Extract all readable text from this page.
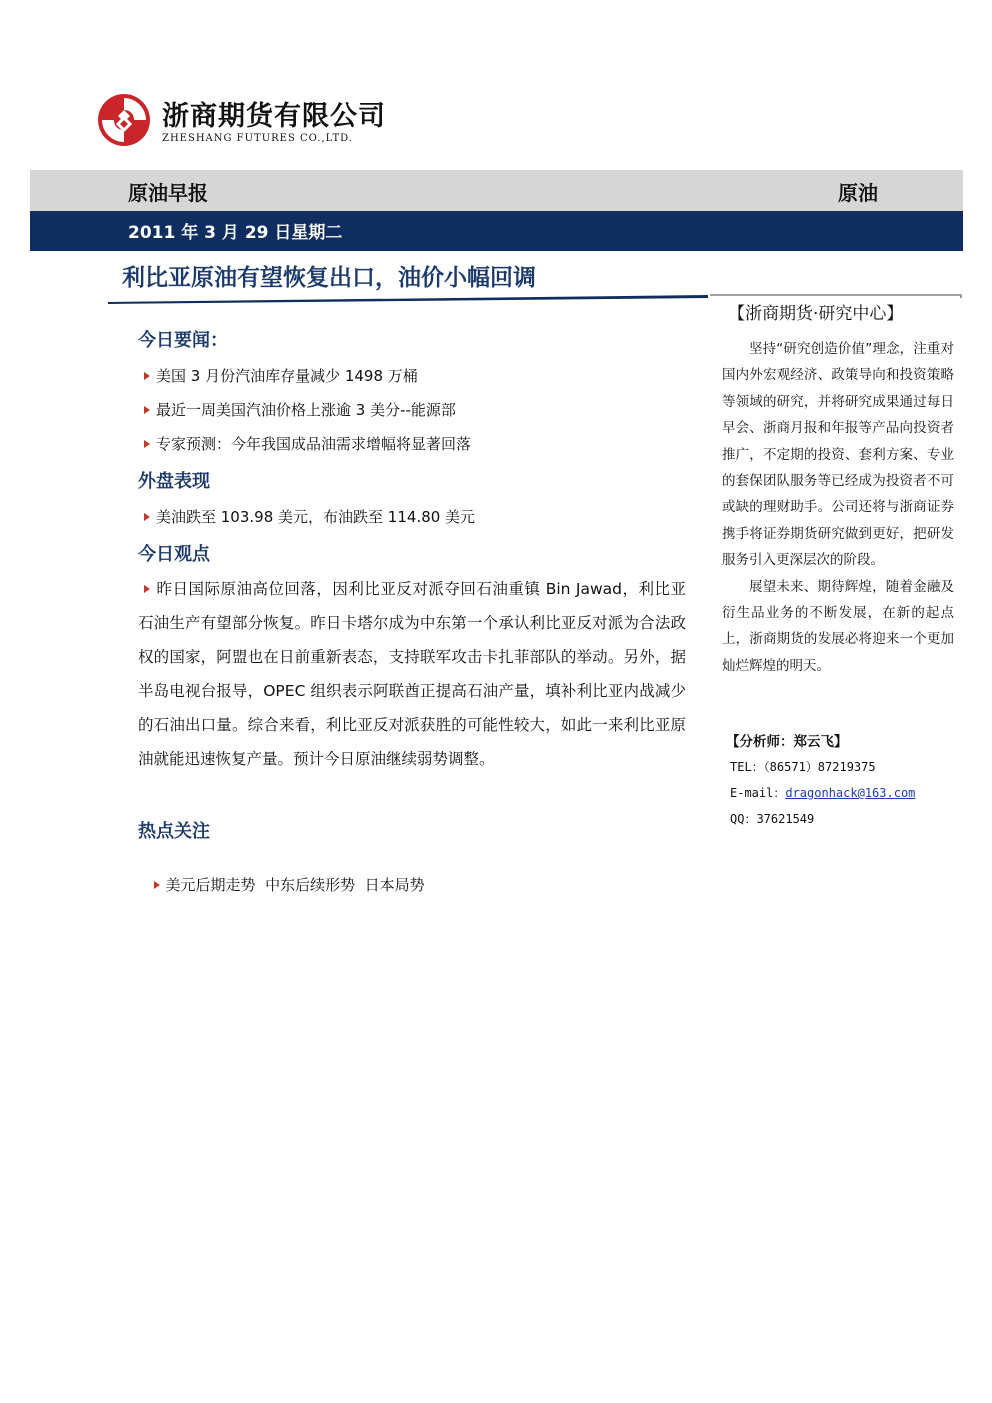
浙商期货有限公司
ZHESHANG FUTURES CO.,LTD.
原油早报	原油
2011 年 3 月 29 日星期二
利比亚原油有望恢复出口，油价小幅回调
今日要闻：
美国 3 月份汽油库存量减少 1498 万桶
最近一周美国汽油价格上涨逾 3 美分--能源部
专家预测：今年我国成品油需求增幅将显著回落
外盘表现
美油跌至 103.98 美元，布油跌至 114.80 美元
今日观点

昨日国际原油高位回落，因利比亚反对派夺回石油重镇 Bin Jawad，利比亚石油生产有望部分恢复。昨日卡塔尔成为中东第一个承认利比亚反对派为合法政权的国家，阿盟也在日前重新表态，支持联军攻击卡扎菲部队的举动。另外，据半岛电视台报导，OPEC 组织表示阿联酋正提高石油产量，填补利比亚内战减少的石油出口量。综合来看，利比亚反对派获胜的可能性较大，如此一来利比亚原油就能迅速恢复产量。预计今日原油继续弱势调整。

热点关注

美元后期走势  中东后续形势  日本局势

【浙商期货·研究中心】

坚持“研究创造价值”理念，注重对国内外宏观经济、政策导向和投资策略等领域的研究，并将研究成果通过每日早会、浙商月报和年报等产品向投资者推广，不定期的投资、套利方案、专业的套保团队服务等已经成为投资者不可或缺的理财助手。公司还将与浙商证券携手将证券期货研究做到更好，把研发服务引入更深层次的阶段。

展望未来、期待辉煌，随着金融及衍生品业务的不断发展，在新的起点上，浙商期货的发展必将迎来一个更加灿烂辉煌的明天。

【分析师：郑云飞】
TEL：（86571）87219375
E-mail：dragonhack@163.com
QQ：37621549
